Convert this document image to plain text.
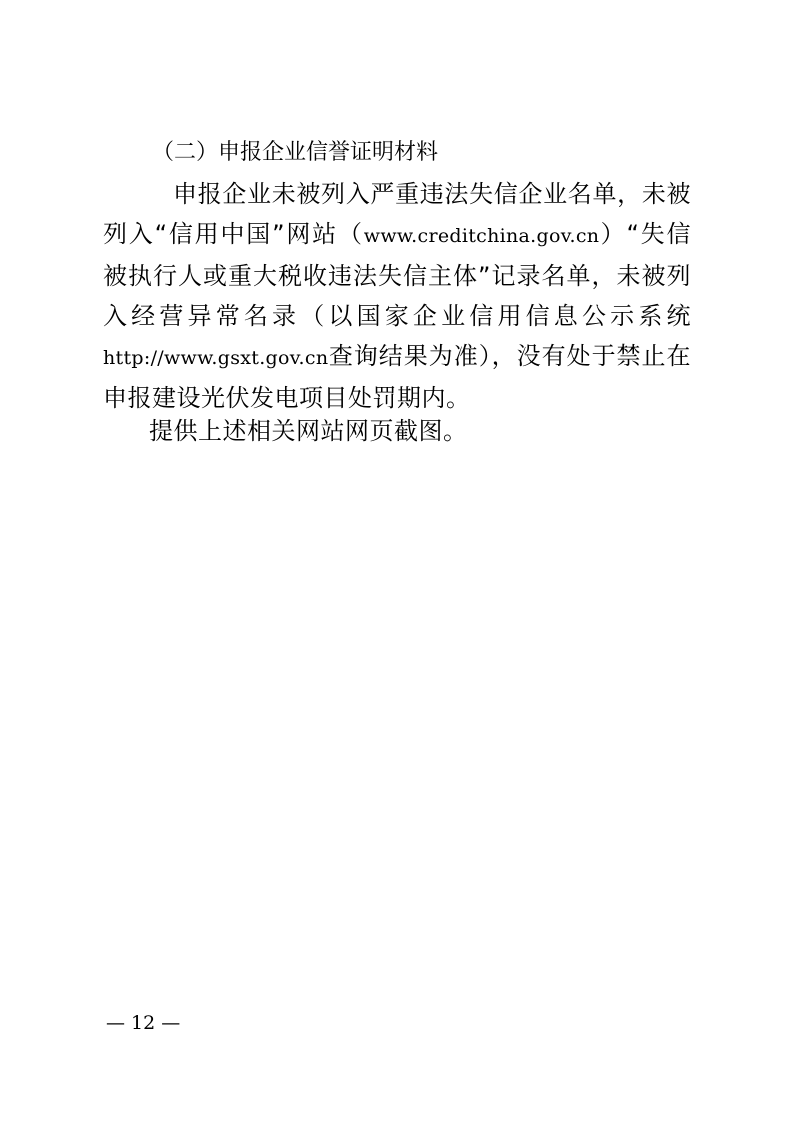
（二）申报企业信誉证明材料
申报企业未被列入严重违法失信企业名单，未被列入“信用中国”网站（www.creditchina.gov.cn）“失信被执行人或重大税收违法失信主体”记录名单，未被列入经营异常名录（以国家企业信用信息公示系统http://www.gsxt.gov.cn查询结果为准），没有处于禁止在申报建设光伏发电项目处罚期内。
提供上述相关网站网页截图。
— 12 —
